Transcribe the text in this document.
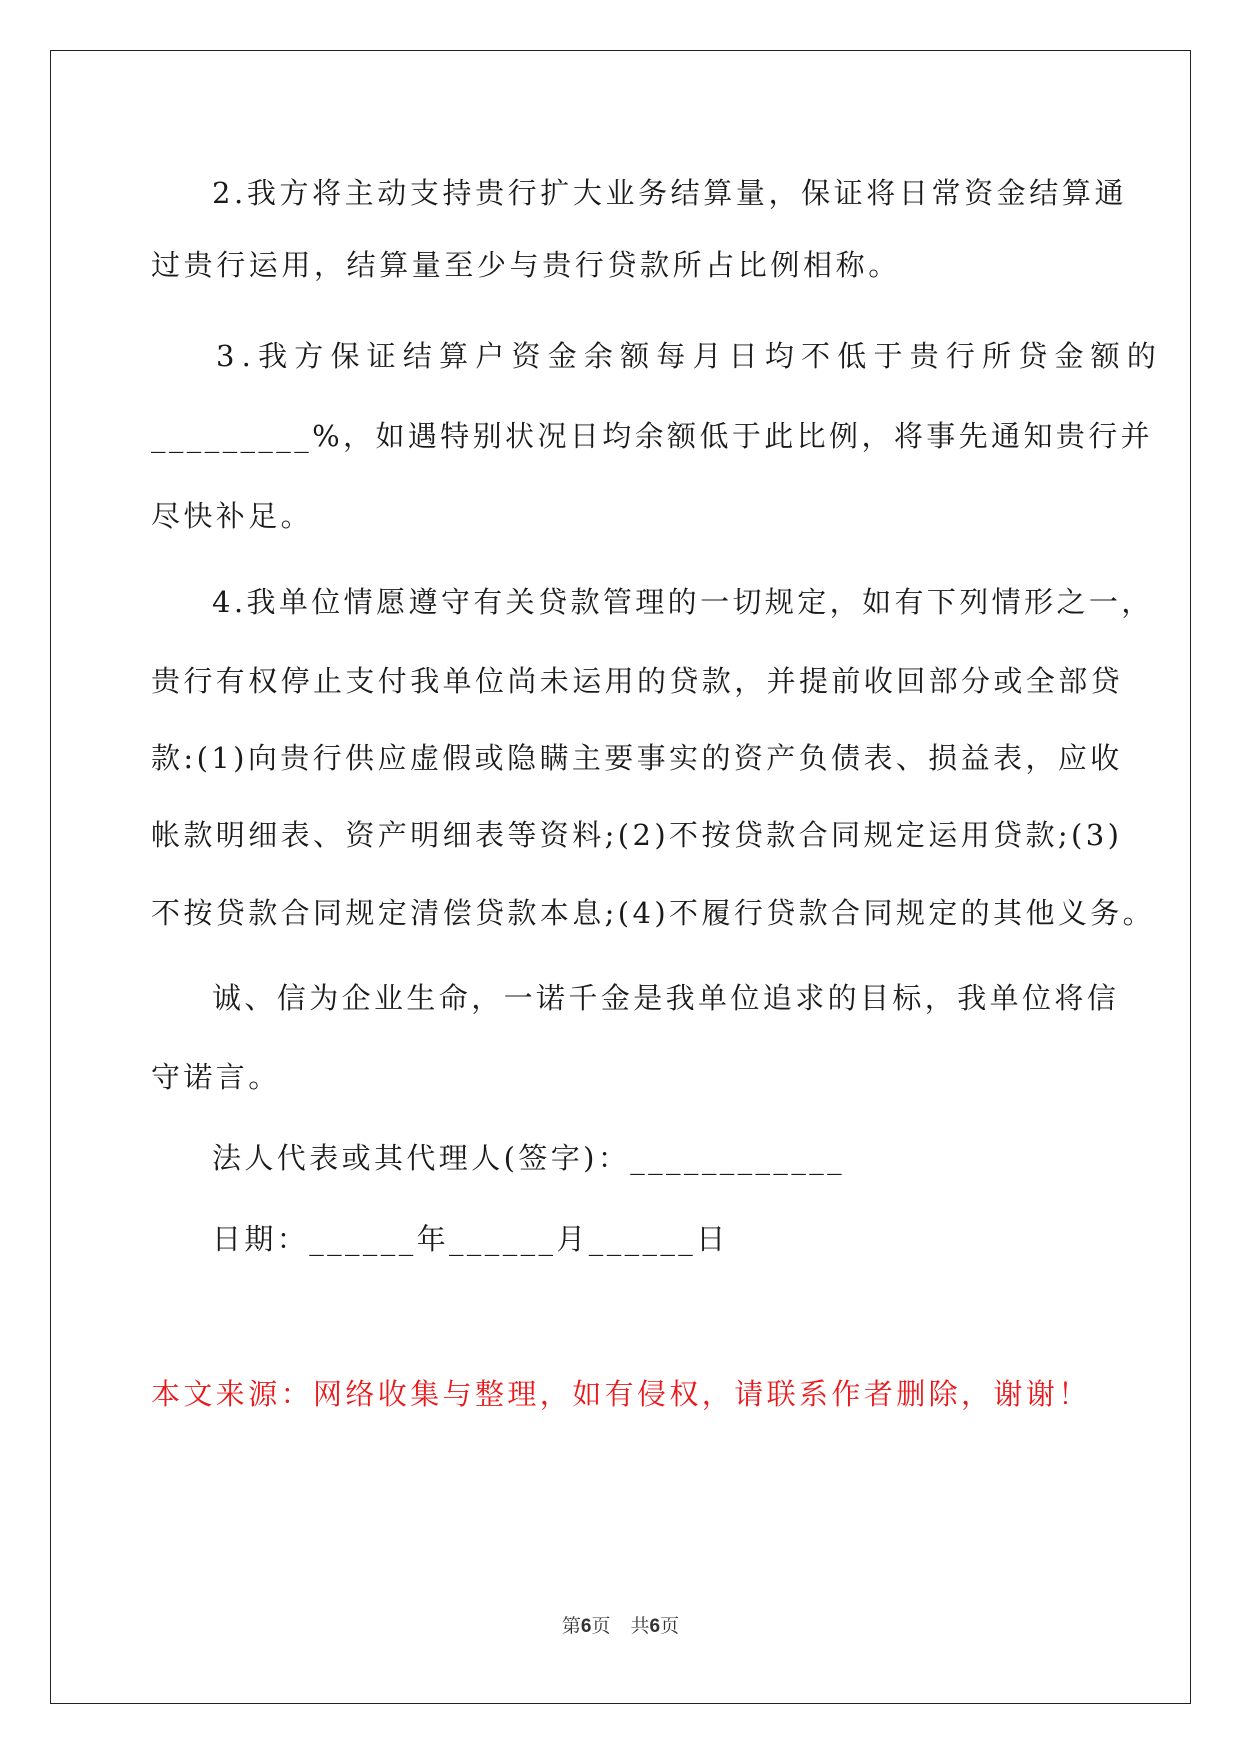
2.我方将主动支持贵行扩大业务结算量，保证将日常资金结算通
过贵行运用，结算量至少与贵行贷款所占比例相称。
3.我方保证结算户资金余额每月日均不低于贵行所贷金额的
_________%，如遇特别状况日均余额低于此比例，将事先通知贵行并
尽快补足。
4.我单位情愿遵守有关贷款管理的一切规定，如有下列情形之一，
贵行有权停止支付我单位尚未运用的贷款，并提前收回部分或全部贷
款:(1)向贵行供应虚假或隐瞒主要事实的资产负债表、损益表，应收
帐款明细表、资产明细表等资料;(2)不按贷款合同规定运用贷款;(3)
不按贷款合同规定清偿贷款本息;(4)不履行贷款合同规定的其他义务。
诚、信为企业生命，一诺千金是我单位追求的目标，我单位将信
守诺言。
法人代表或其代理人(签字)：____________
日期：______年______月______日
本文来源：网络收集与整理，如有侵权，请联系作者删除，谢谢！
第6页 共6页
